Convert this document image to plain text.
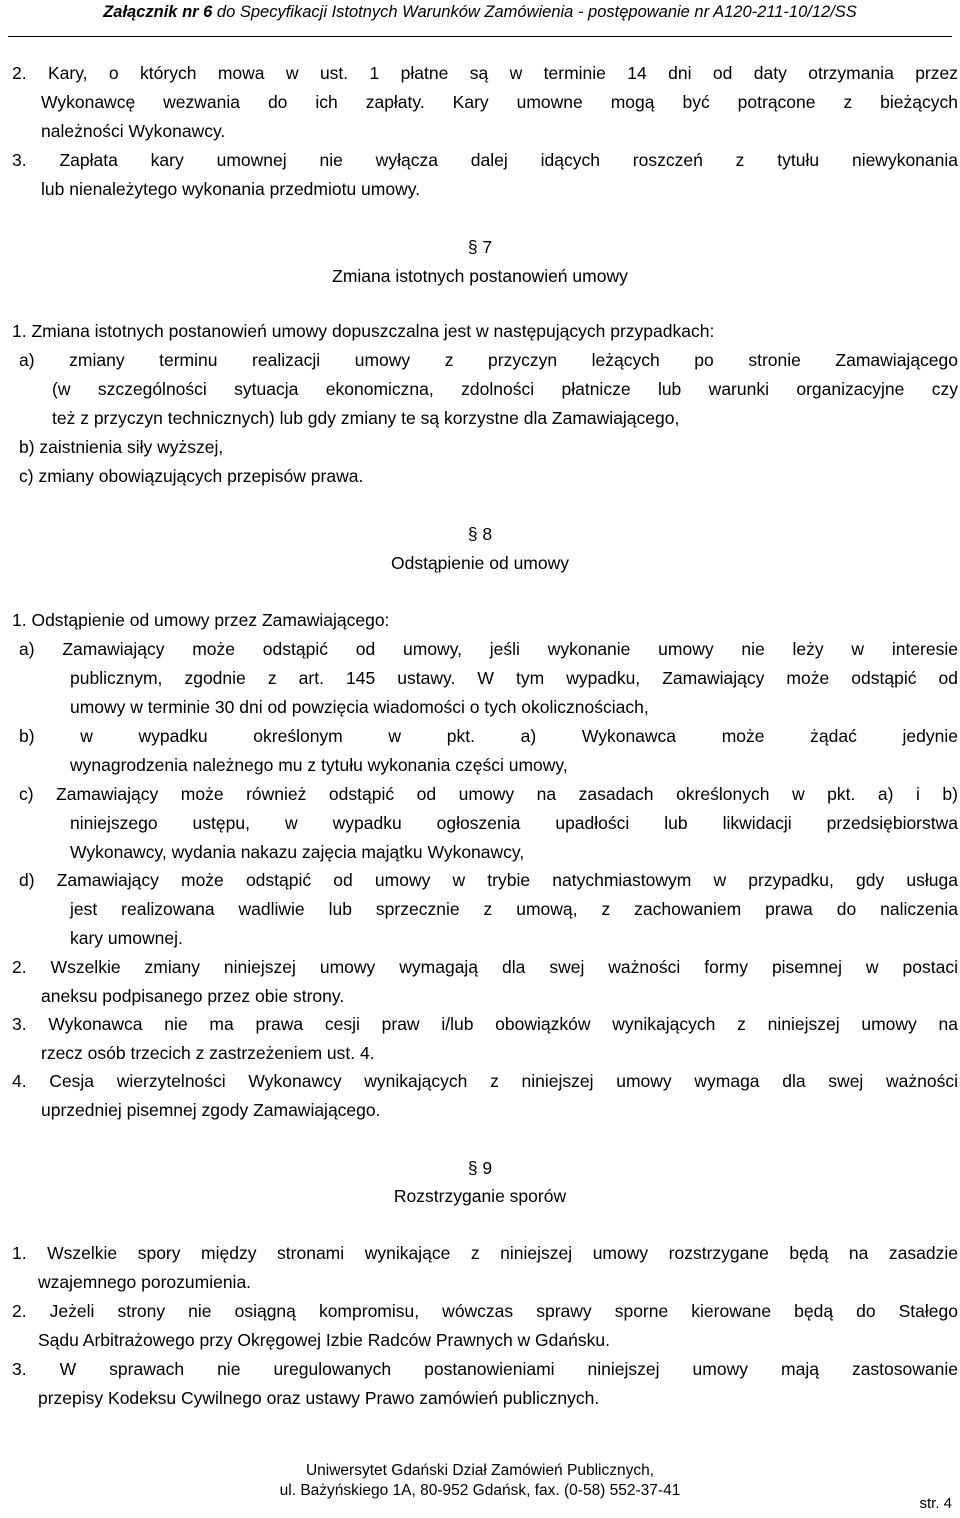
Załącznik nr 6 do Specyfikacji Istotnych Warunków Zamówienia - postępowanie nr A120-211-10/12/SS
2. Kary, o których mowa w ust. 1 płatne są w terminie 14 dni od daty otrzymania przez
Wykonawcę wezwania do ich zapłaty. Kary umowne mogą być potrącone z bieżących
należności Wykonawcy.
3. Zapłata kary umownej nie wyłącza dalej idących roszczeń z tytułu niewykonania
lub nienależytego wykonania przedmiotu umowy.
§ 7
Zmiana istotnych postanowień umowy
1. Zmiana istotnych postanowień umowy dopuszczalna jest w następujących przypadkach:
a) zmiany terminu realizacji umowy z przyczyn leżących po stronie Zamawiającego
(w szczególności sytuacja ekonomiczna, zdolności płatnicze lub warunki organizacyjne czy
też z przyczyn technicznych) lub gdy zmiany te są korzystne dla Zamawiającego,
b) zaistnienia siły wyższej,
c) zmiany obowiązujących przepisów prawa.
§ 8
Odstąpienie od umowy
1. Odstąpienie od umowy przez Zamawiającego:
a) Zamawiający może odstąpić od umowy, jeśli wykonanie umowy nie leży w interesie
publicznym, zgodnie z art. 145 ustawy. W tym wypadku, Zamawiający może odstąpić od
umowy w terminie 30 dni od powzięcia wiadomości o tych okolicznościach,
b) w wypadku określonym w pkt. a) Wykonawca może żądać jedynie
wynagrodzenia należnego mu z tytułu wykonania części umowy,
c) Zamawiający może również odstąpić od umowy na zasadach określonych w pkt. a) i b)
niniejszego ustępu, w wypadku ogłoszenia upadłości lub likwidacji przedsiębiorstwa
Wykonawcy, wydania nakazu zajęcia majątku Wykonawcy,
d) Zamawiający może odstąpić od umowy w trybie natychmiastowym w przypadku, gdy usługa
jest realizowana wadliwie lub sprzecznie z umową, z zachowaniem prawa do naliczenia
kary umownej.
2. Wszelkie zmiany niniejszej umowy wymagają dla swej ważności formy pisemnej w postaci
aneksu podpisanego przez obie strony.
3. Wykonawca nie ma prawa cesji praw i/lub obowiązków wynikających z niniejszej umowy na
rzecz osób trzecich z zastrzeżeniem ust. 4.
4. Cesja wierzytelności Wykonawcy wynikających z niniejszej umowy wymaga dla swej ważności
uprzedniej pisemnej zgody Zamawiającego.
§ 9
Rozstrzyganie sporów
1. Wszelkie spory między stronami wynikające z niniejszej umowy rozstrzygane będą na zasadzie
wzajemnego porozumienia.
2. Jeżeli strony nie osiągną kompromisu, wówczas sprawy sporne kierowane będą do Stałego
Sądu Arbitrażowego przy Okręgowej Izbie Radców Prawnych w Gdańsku.
3. W sprawach nie uregulowanych postanowieniami niniejszej umowy mają zastosowanie
przepisy Kodeksu Cywilnego oraz ustawy Prawo zamówień publicznych.
Uniwersytet Gdański Dział Zamówień Publicznych,
ul. Bażyńskiego 1A, 80-952 Gdańsk, fax. (0-58) 552-37-41
str. 4
